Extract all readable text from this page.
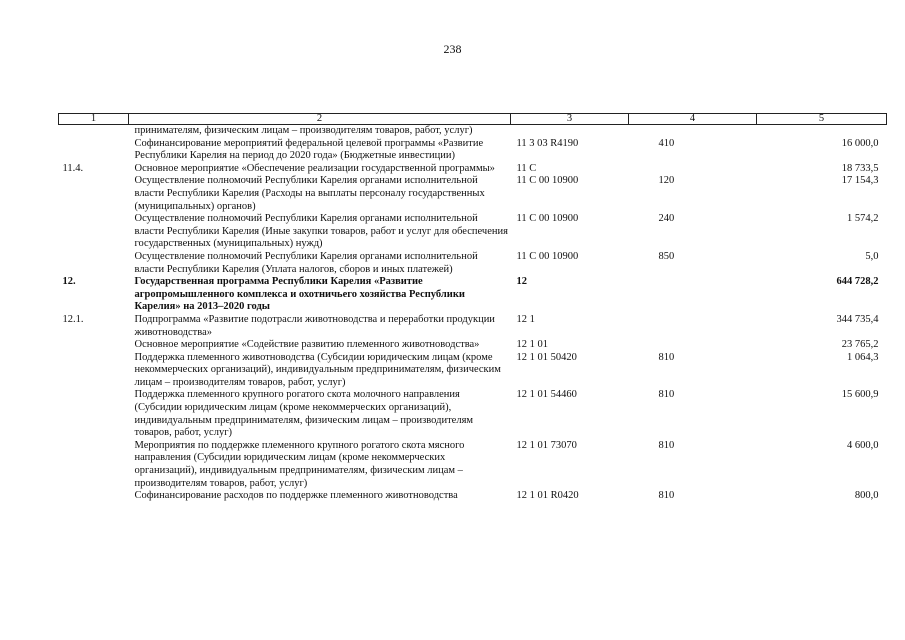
238
1	2	3	4	5
	принимателям, физическим лицам – производителям товаров, работ, услуг)			
	Софинансирование мероприятий федеральной целевой программы «Развитие Республики Карелия на период до 2020 года» (Бюджетные инвестиции)	11 3 03 R4190	410	16 000,0
11.4.	Основное мероприятие «Обеспечение реализации государственной программы»	11 С		18 733,5
	Осуществление полномочий Республики Карелия органами исполнительной власти Республики Карелия (Расходы на выплаты персоналу государственных (муниципальных) органов)	11 С 00 10900	120	17 154,3
	Осуществление полномочий Республики Карелия органами исполнительной власти Республики Карелия (Иные закупки товаров, работ и услуг для обеспечения государственных (муниципальных) нужд)	11 С 00 10900	240	1 574,2
	Осуществление полномочий Республики Карелия органами исполнительной власти Республики Карелия (Уплата налогов, сборов и иных платежей)	11 С 00 10900	850	5,0
12.	Государственная программа Республики Карелия «Развитие агропромышленного комплекса и охотничьего хозяйства Республики Карелия» на 2013–2020 годы	12		644 728,2
12.1.	Подпрограмма «Развитие подотрасли животноводства и переработки продукции животноводства»	12 1		344 735,4
	Основное мероприятие «Содействие развитию племенного животноводства»	12 1 01		23 765,2
	Поддержка племенного животноводства (Субсидии юридическим лицам (кроме некоммерческих организаций), индивидуальным предпринимателям, физическим лицам – производителям товаров, работ, услуг)	12 1 01 50420	810	1 064,3
	Поддержка племенного крупного рогатого скота молочного направления (Субсидии юридическим лицам (кроме некоммерческих организаций), индивидуальным предпринимателям, физическим лицам – производителям товаров, работ, услуг)	12 1 01 54460	810	15 600,9
	Мероприятия по поддержке племенного крупного рогатого скота мясного направления (Субсидии юридическим лицам (кроме некоммерческих организаций), индивидуальным предпринимателям, физическим лицам – производителям товаров, работ, услуг)	12 1 01 73070	810	4 600,0
	Софинансирование расходов по поддержке племенного животноводства	12 1 01 R0420	810	800,0
